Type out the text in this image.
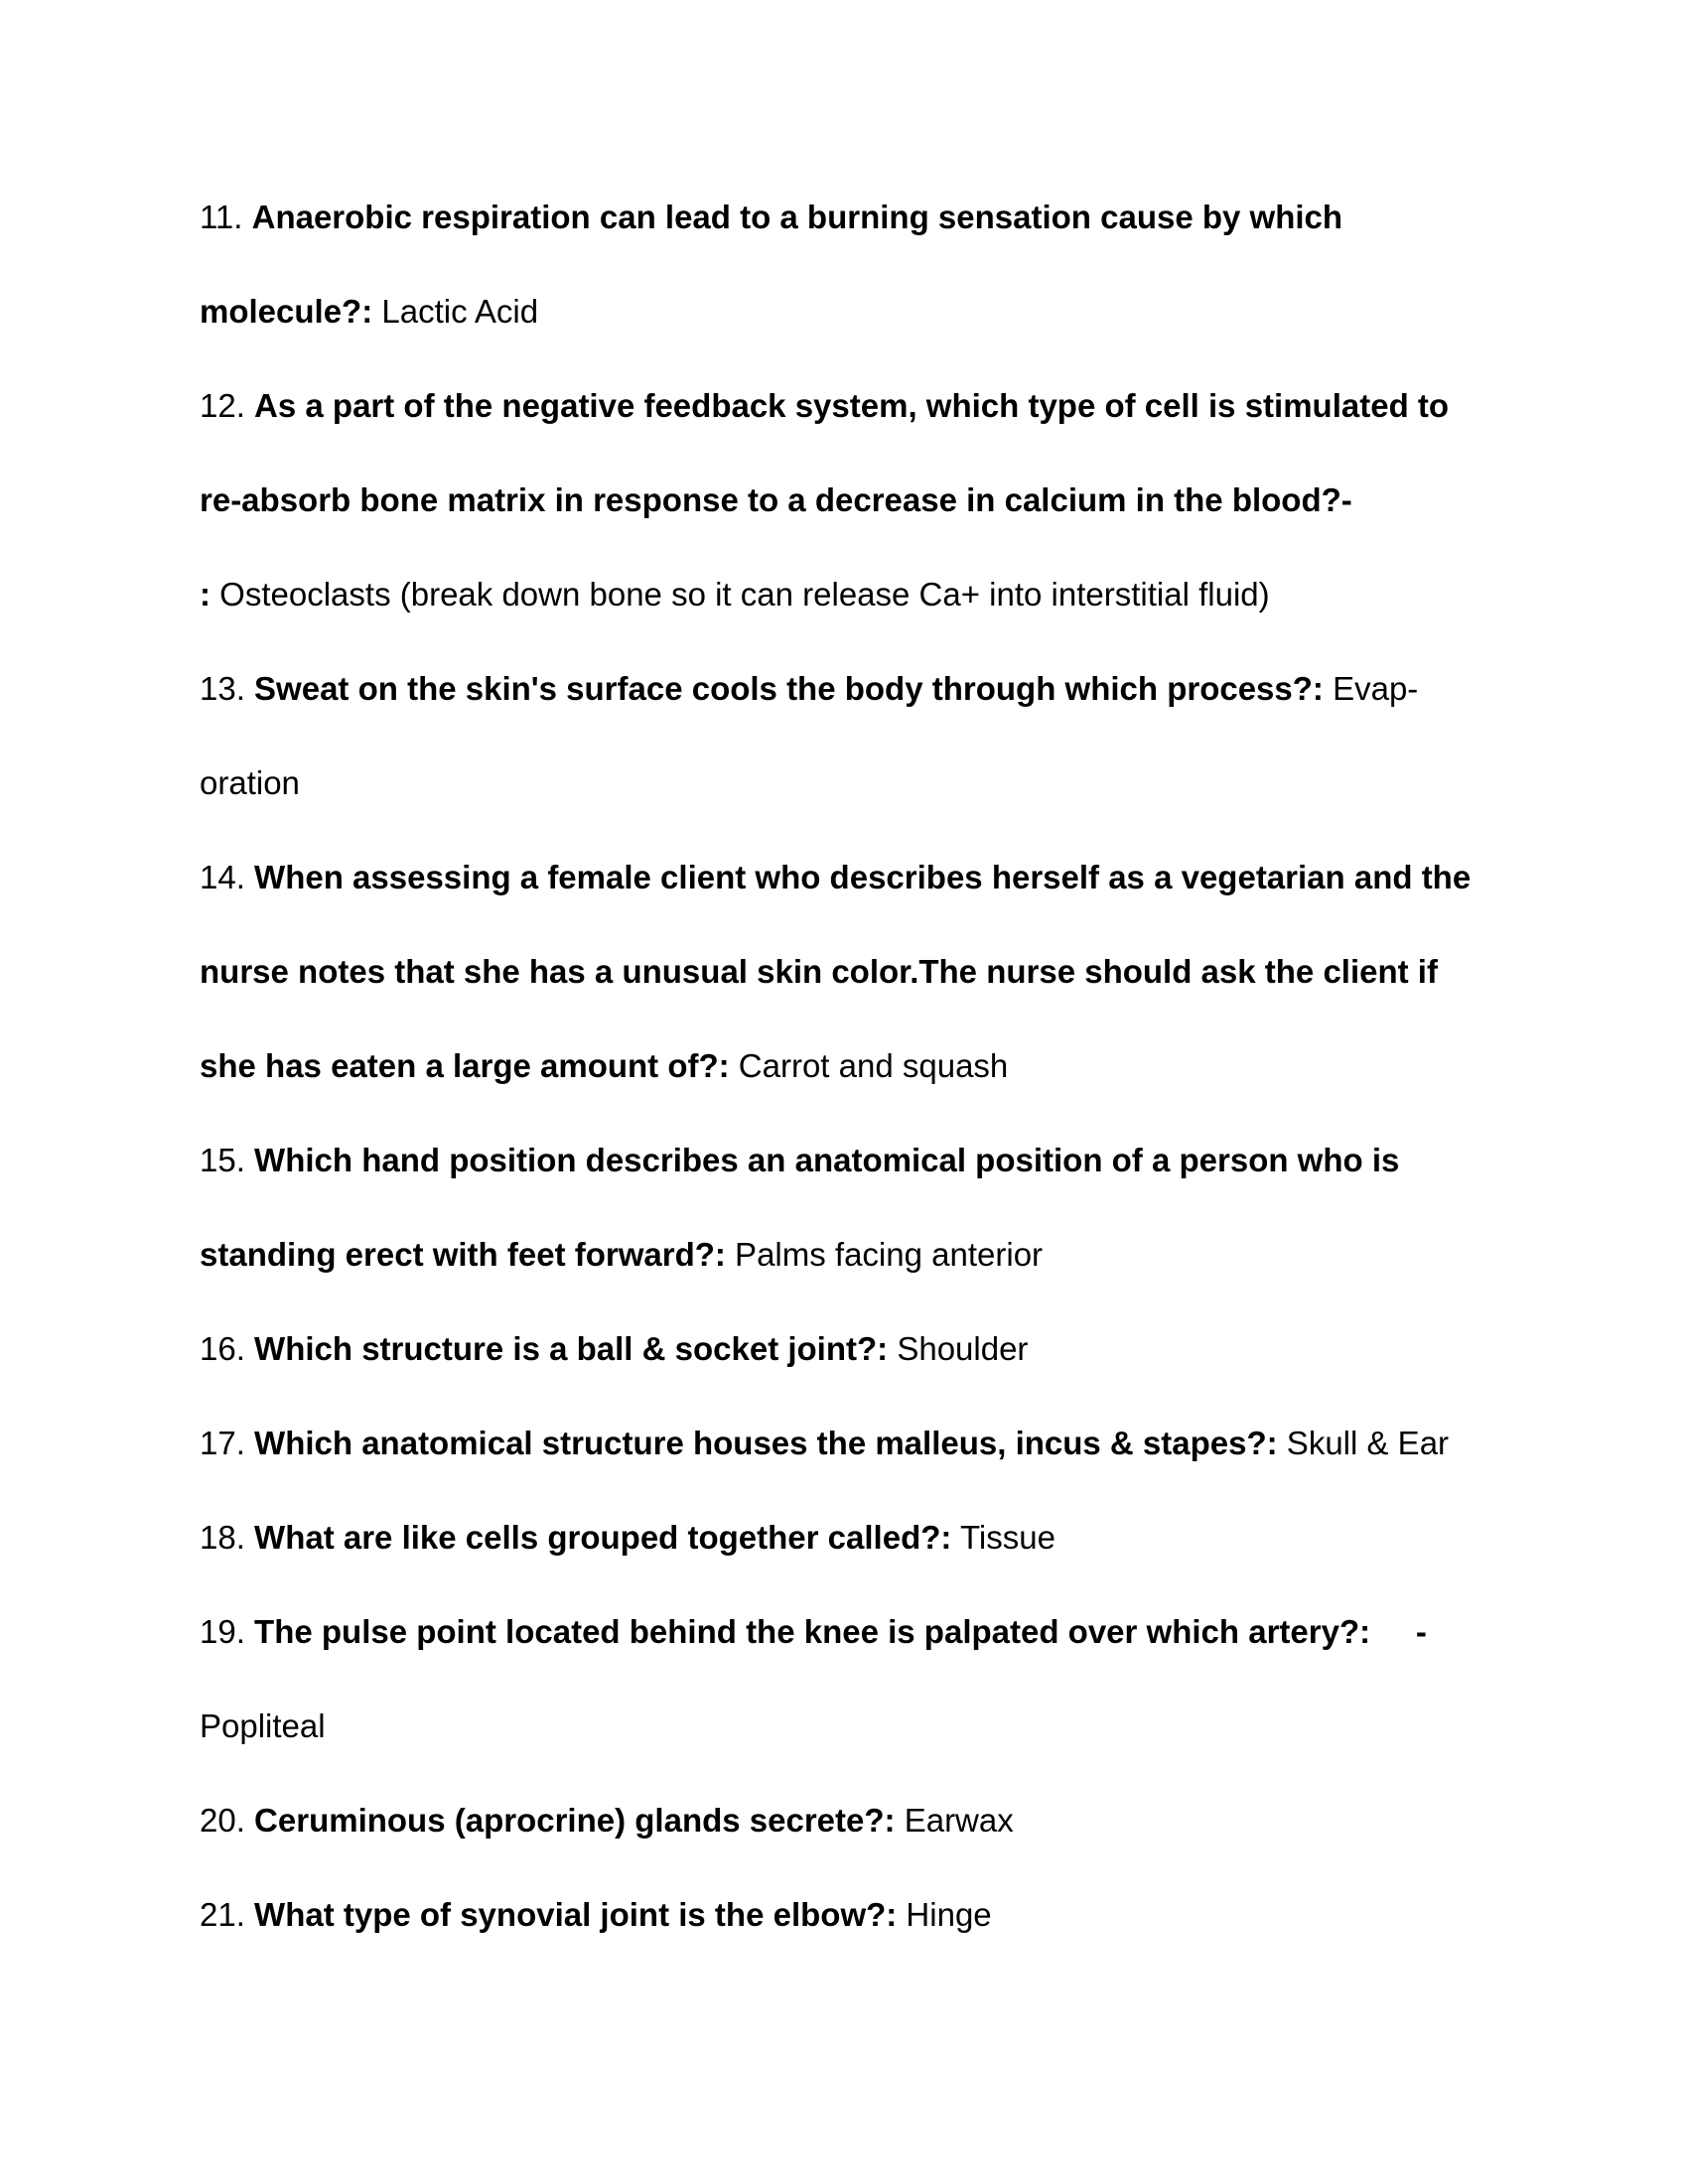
11. Anaerobic respiration can lead to a burning sensation cause by which
molecule?: Lactic Acid
12. As a part of the negative feedback system, which type of cell is stimulated to
re-absorb bone matrix in response to a decrease in calcium in the blood?-
: Osteoclasts (break down bone so it can release Ca+ into interstitial fluid)
13. Sweat on the skin's surface cools the body through which process?: Evap-
oration
14. When assessing a female client who describes herself as a vegetarian and the
nurse notes that she has a unusual skin color.The nurse should ask the client if
she has eaten a large amount of?: Carrot and squash
15. Which hand position describes an anatomical position of a person who is
standing erect with feet forward?: Palms facing anterior
16. Which structure is a ball & socket joint?: Shoulder
17. Which anatomical structure houses the malleus, incus & stapes?: Skull & Ear
18. What are like cells grouped together called?: Tissue
19. The pulse point located behind the knee is palpated over which artery?:     -
Popliteal
20. Ceruminous (aprocrine) glands secrete?: Earwax
21. What type of synovial joint is the elbow?: Hinge
